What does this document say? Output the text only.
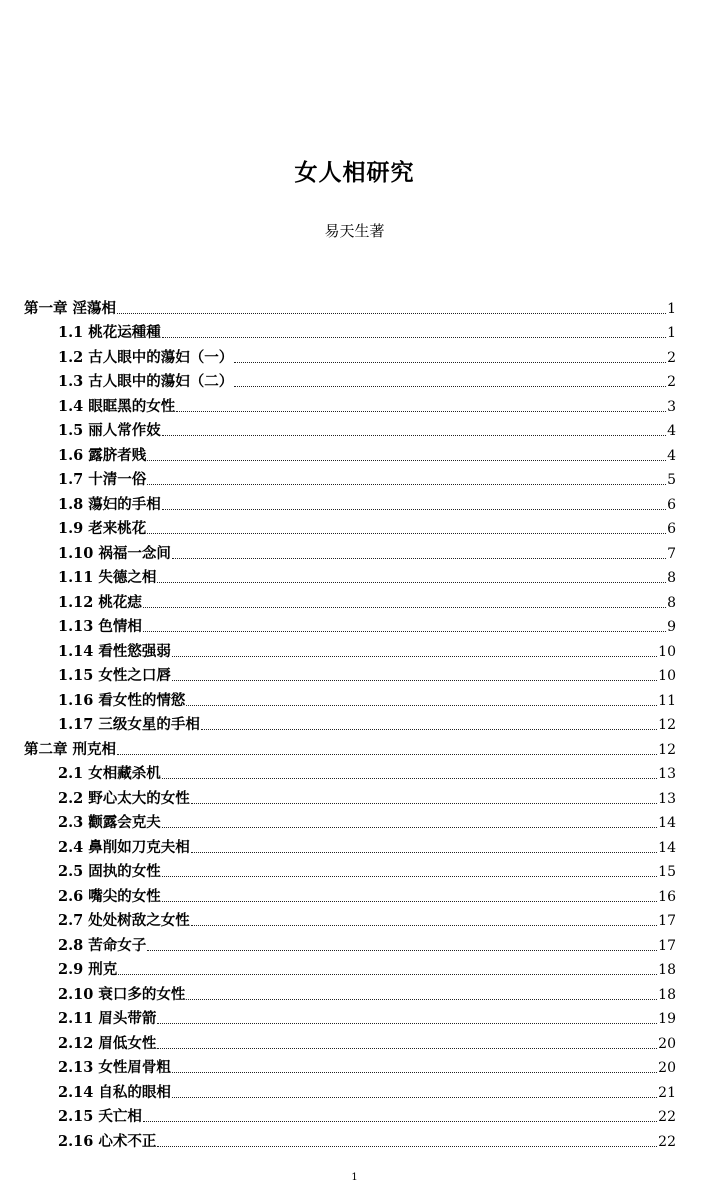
女人相研究
易天生著
第一章 淫蕩相	1
1.1 桃花运種種	1
1.2 古人眼中的蕩妇（一）	2
1.3 古人眼中的蕩妇（二）	2
1.4 眼眶黑的女性	3
1.5 丽人常作妓	4
1.6 露脐者贱	4
1.7 十清一俗	5
1.8 蕩妇的手相	6
1.9 老来桃花	6
1.10 祸福一念间	7
1.11 失德之相	8
1.12 桃花痣	8
1.13 色情相	9
1.14 看性慾强弱	10
1.15 女性之口唇	10
1.16 看女性的情慾	11
1.17 三级女星的手相	12
第二章 刑克相	12
2.1 女相藏杀机	13
2.2 野心太大的女性	13
2.3 颧露会克夫	14
2.4 鼻削如刀克夫相	14
2.5 固执的女性	15
2.6 嘴尖的女性	16
2.7 处处树敌之女性	17
2.8 苦命女子	17
2.9 刑克	18
2.10 衰口多的女性	18
2.11 眉头带箭	19
2.12 眉低女性	20
2.13 女性眉骨粗	20
2.14 自私的眼相	21
2.15 夭亡相	22
2.16 心术不正	22
1
